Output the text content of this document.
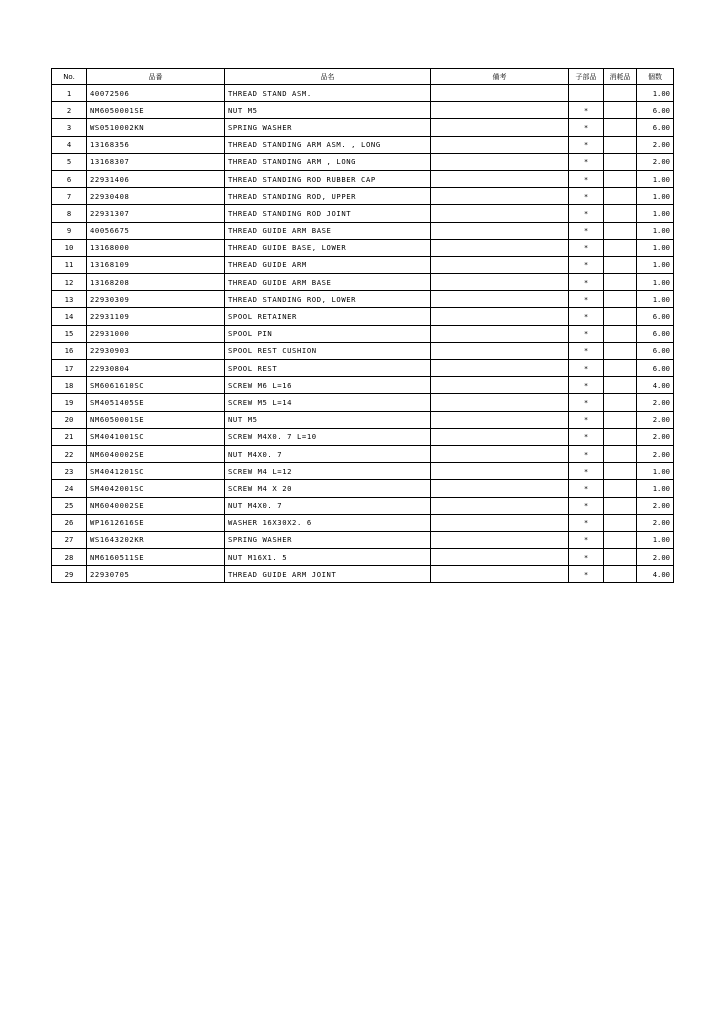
No.	品番	品名	備考	子部品	消耗品	個数
1	40072506	THREAD STAND ASM.				1.00
2	NM6050001SE	NUT M5		*		6.00
3	WS0510002KN	SPRING WASHER		*		6.00
4	13168356	THREAD STANDING ARM ASM. , LONG		*		2.00
5	13168307	THREAD STANDING ARM , LONG		*		2.00
6	22931406	THREAD STANDING ROD RUBBER CAP		*		1.00
7	22930408	THREAD STANDING ROD, UPPER		*		1.00
8	22931307	THREAD STANDING ROD JOINT		*		1.00
9	40056675	THREAD GUIDE ARM BASE		*		1.00
10	13168000	THREAD GUIDE BASE, LOWER		*		1.00
11	13168109	THREAD GUIDE ARM		*		1.00
12	13168208	THREAD GUIDE ARM BASE		*		1.00
13	22930309	THREAD STANDING ROD, LOWER		*		1.00
14	22931109	SPOOL RETAINER		*		6.00
15	22931000	SPOOL PIN		*		6.00
16	22930903	SPOOL REST CUSHION		*		6.00
17	22930804	SPOOL REST		*		6.00
18	SM6061610SC	SCREW M6 L=16		*		4.00
19	SM4051405SE	SCREW M5 L=14		*		2.00
20	NM6050001SE	NUT M5		*		2.00
21	SM4041001SC	SCREW M4X0. 7 L=10		*		2.00
22	NM6040002SE	NUT M4X0. 7		*		2.00
23	SM4041201SC	SCREW M4 L=12		*		1.00
24	SM4042001SC	SCREW M4 X 20		*		1.00
25	NM6040002SE	NUT M4X0. 7		*		2.00
26	WP1612616SE	WASHER 16X30X2. 6		*		2.00
27	WS1643202KR	SPRING WASHER		*		1.00
28	NM6160511SE	NUT M16X1. 5		*		2.00
29	22930705	THREAD GUIDE ARM JOINT		*		4.00
